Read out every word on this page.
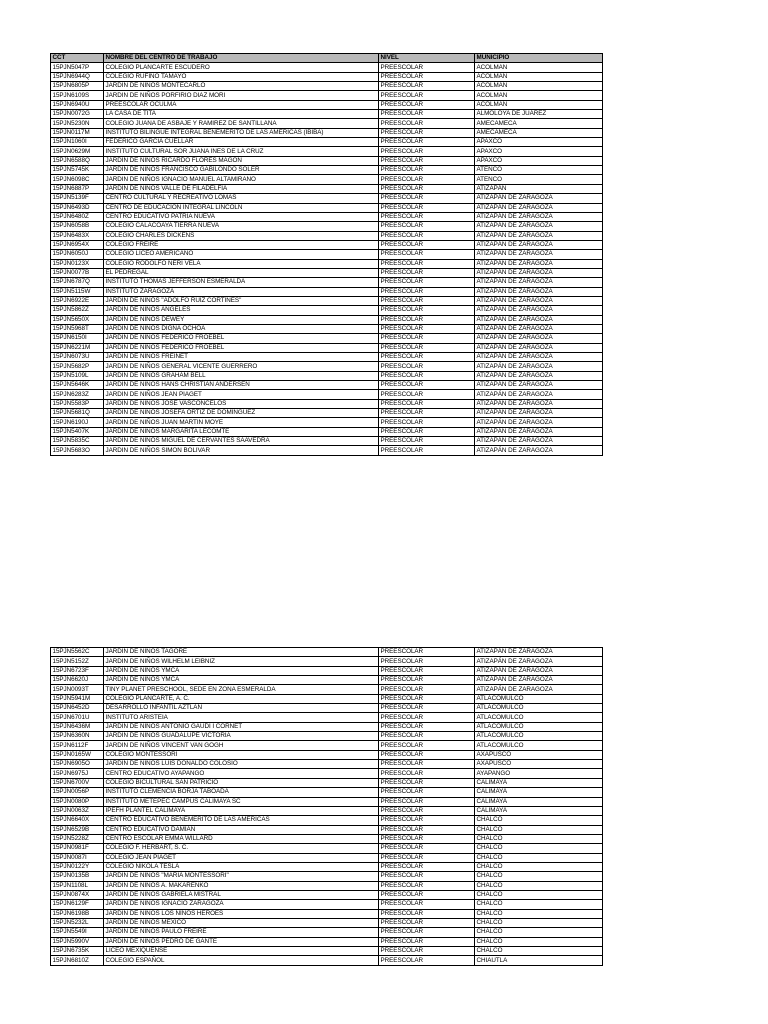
CCT	NOMBRE DEL CENTRO DE TRABAJO	NIVEL	MUNICIPIO
15PJN5047P	COLEGIO PLANCARTE ESCUDERO	PREESCOLAR	ACOLMAN
15PJN6944Q	COLEGIO RUFINO TAMAYO	PREESCOLAR	ACOLMAN
15PJN6805P	JARDIN DE NIÑOS MONTECARLO	PREESCOLAR	ACOLMAN
15PJN6109S	JARDIN DE NIÑOS PORFIRIO DIAZ MORI	PREESCOLAR	ACOLMAN
15PJN6940U	PREESCOLAR OCULMA	PREESCOLAR	ACOLMAN
15PJN0072G	LA CASA DE TITA	PREESCOLAR	ALMOLOYA DE JUÁREZ
15PJN5230N	COLEGIO JUANA DE ASBAJE Y RAMIREZ DE SANTILLANA	PREESCOLAR	AMECAMECA
15PJN0117M	INSTITUTO BILINGUE INTEGRAL BENEMERITO DE LAS AMERICAS (IBIBA)	PREESCOLAR	AMECAMECA
15PJN1060I	FEDERICO GARCIA CUELLAR	PREESCOLAR	APAXCO
15PJN0629M	INSTITUTO CULTURAL SOR JUANA INES DE LA CRUZ	PREESCOLAR	APAXCO
15PJN6588Q	JARDIN DE NIÑOS RICARDO FLORES MAGON	PREESCOLAR	APAXCO
15PJN5745K	JARDIN DE NIÑOS FRANCISCO GABILONDO SOLER	PREESCOLAR	ATENCO
15PJN6098C	JARDIN DE NIÑOS IGNACIO MANUEL ALTAMIRANO	PREESCOLAR	ATENCO
15PJN6887P	JARDIN DE NIÑOS VALLE DE FILADELFIA	PREESCOLAR	ATIZAPÁN
15PJN5139F	CENTRO CULTURAL Y RECREATIVO LOMAS	PREESCOLAR	ATIZAPÁN DE ZARAGOZA
15PJN6493D	CENTRO DE EDUCACION INTEGRAL LINCOLN	PREESCOLAR	ATIZAPÁN DE ZARAGOZA
15PJN6480Z	CENTRO EDUCATIVO PATRIA NUEVA	PREESCOLAR	ATIZAPÁN DE ZARAGOZA
15PJN6058B	COLEGIO CALACOAYA TIERRA NUEVA	PREESCOLAR	ATIZAPÁN DE ZARAGOZA
15PJN6483X	COLEGIO CHARLES DICKENS	PREESCOLAR	ATIZAPÁN DE ZARAGOZA
15PJN6954X	COLEGIO FREIRE	PREESCOLAR	ATIZAPÁN DE ZARAGOZA
15PJN6050J	COLEGIO LICEO AMERICANO	PREESCOLAR	ATIZAPÁN DE ZARAGOZA
15PJN0123X	COLEGIO RODOLFO NERI VELA	PREESCOLAR	ATIZAPÁN DE ZARAGOZA
15PJN0077B	EL PEDREGAL	PREESCOLAR	ATIZAPÁN DE ZARAGOZA
15PJN6787Q	INSTITUTO THOMAS JEFFERSON ESMERALDA	PREESCOLAR	ATIZAPÁN DE ZARAGOZA
15PJN5115W	INSTITUTO ZARAGOZA	PREESCOLAR	ATIZAPÁN DE ZARAGOZA
15PJN6922E	JARDIN DE NIÑOS "ADOLFO RUIZ CORTINES"	PREESCOLAR	ATIZAPÁN DE ZARAGOZA
15PJN5862Z	JARDIN DE NIÑOS ANGELES	PREESCOLAR	ATIZAPÁN DE ZARAGOZA
15PJN5650X	JARDIN DE NIÑOS DEWEY	PREESCOLAR	ATIZAPÁN DE ZARAGOZA
15PJN5968T	JARDIN DE NIÑOS DIGNA OCHOA	PREESCOLAR	ATIZAPÁN DE ZARAGOZA
15PJN6150I	JARDIN DE NIÑOS FEDERICO FROEBEL	PREESCOLAR	ATIZAPÁN DE ZARAGOZA
15PJN6221M	JARDIN DE NIÑOS FEDERICO FROEBEL	PREESCOLAR	ATIZAPÁN DE ZARAGOZA
15PJN6073U	JARDIN DE NIÑOS FREINET	PREESCOLAR	ATIZAPÁN DE ZARAGOZA
15PJN5682P	JARDIN DE NIÑOS GENERAL VICENTE GUERRERO	PREESCOLAR	ATIZAPÁN DE ZARAGOZA
15PJN5109L	JARDIN DE NIÑOS GRAHAM BELL	PREESCOLAR	ATIZAPÁN DE ZARAGOZA
15PJN5646K	JARDIN DE NIÑOS HANS CHRISTIAN ANDERSEN	PREESCOLAR	ATIZAPÁN DE ZARAGOZA
15PJN6283Z	JARDIN DE NIÑOS JEAN PIAGET	PREESCOLAR	ATIZAPÁN DE ZARAGOZA
15PJN5583P	JARDIN DE NIÑOS JOSE VASCONCELOS	PREESCOLAR	ATIZAPÁN DE ZARAGOZA
15PJN5681Q	JARDIN DE NIÑOS JOSEFA ORTIZ DE DOMINGUEZ	PREESCOLAR	ATIZAPÁN DE ZARAGOZA
15PJN6190J	JARDIN DE NIÑOS JUAN MARTIN MOYE	PREESCOLAR	ATIZAPÁN DE ZARAGOZA
15PJN5407K	JARDIN DE NIÑOS MARGARITA LECOMTE	PREESCOLAR	ATIZAPÁN DE ZARAGOZA
15PJN5835C	JARDIN DE NIÑOS MIGUEL DE CERVANTES SAAVEDRA	PREESCOLAR	ATIZAPÁN DE ZARAGOZA
15PJN5683O	JARDIN DE NIÑOS SIMON BOLIVAR	PREESCOLAR	ATIZAPÁN DE ZARAGOZA
15PJN5562C	JARDIN DE NIÑOS TAGORE	PREESCOLAR	ATIZAPÁN DE ZARAGOZA
15PJN5152Z	JARDIN DE NIÑOS WILHELM LEIBNIZ	PREESCOLAR	ATIZAPÁN DE ZARAGOZA
15PJN6723F	JARDIN DE NIÑOS YMCA	PREESCOLAR	ATIZAPÁN DE ZARAGOZA
15PJN6620J	JARDIN DE NIÑOS YMCA	PREESCOLAR	ATIZAPÁN DE ZARAGOZA
15PJN0093T	TINY PLANET PRESCHOOL, SEDE EN ZONA ESMERALDA	PREESCOLAR	ATIZAPÁN DE ZARAGOZA
15PJN5941M	COLEGIO PLANCARTE, A. C.	PREESCOLAR	ATLACOMULCO
15PJN6452D	DESARROLLO INFANTIL AZTLAN	PREESCOLAR	ATLACOMULCO
15PJN6701U	INSTITUTO ARISTEIA	PREESCOLAR	ATLACOMULCO
15PJN6436M	JARDIN DE NIÑOS ANTONIO GAUDI I CORNET	PREESCOLAR	ATLACOMULCO
15PJN6360N	JARDIN DE NIÑOS GUADALUPE VICTORIA	PREESCOLAR	ATLACOMULCO
15PJN6112F	JARDIN DE NIÑOS VINCENT VAN GOGH	PREESCOLAR	ATLACOMULCO
15PJN0165W	COLEGIO MONTESSORI	PREESCOLAR	AXAPUSCO
15PJN6905O	JARDIN DE NIÑOS LUIS DONALDO COLOSIO	PREESCOLAR	AXAPUSCO
15PJN6975J	CENTRO EDUCATIVO AYAPANGO	PREESCOLAR	AYAPANGO
15PJN6700V	COLEGIO BICULTURAL SAN PATRICIO	PREESCOLAR	CALIMAYA
15PJN0056P	INSTITUTO CLEMENCIA BORJA TABOADA	PREESCOLAR	CALIMAYA
15PJN0080P	INSTITUTO METEPEC CAMPUS CALIMAYA SC	PREESCOLAR	CALIMAYA
15PJN0063Z	IPEFH PLANTEL CALIMAYA	PREESCOLAR	CALIMAYA
15PJN6640X	CENTRO EDUCATIVO BENEMERITO DE LAS AMERICAS	PREESCOLAR	CHALCO
15PJN6529B	CENTRO EDUCATIVO DAMIAN	PREESCOLAR	CHALCO
15PJN5228Z	CENTRO ESCOLAR EMMA WILLARD	PREESCOLAR	CHALCO
15PJN0981F	COLEGIO F. HERBART, S. C.	PREESCOLAR	CHALCO
15PJN0087I	COLEGIO JEAN PIAGET	PREESCOLAR	CHALCO
15PJN0122Y	COLEGIO NIKOLA TESLA	PREESCOLAR	CHALCO
15PJN0135B	JARDIN DE NIÑOS "MARIA MONTESSORI"	PREESCOLAR	CHALCO
15PJN1108L	JARDIN DE NIÑOS A. MAKARENKO	PREESCOLAR	CHALCO
15PJN0874X	JARDIN DE NIÑOS GABRIELA MISTRAL	PREESCOLAR	CHALCO
15PJN6129F	JARDIN DE NIÑOS IGNACIO ZARAGOZA	PREESCOLAR	CHALCO
15PJN6198B	JARDIN DE NIÑOS LOS NIÑOS HEROES	PREESCOLAR	CHALCO
15PJN5232L	JARDIN DE NIÑOS MEXICO	PREESCOLAR	CHALCO
15PJN5549I	JARDIN DE NIÑOS PAULO FREIRE	PREESCOLAR	CHALCO
15PJN5990V	JARDIN DE NIÑOS PEDRO DE GANTE	PREESCOLAR	CHALCO
15PJN6735K	LICEO MEXIQUENSE	PREESCOLAR	CHALCO
15PJN6810Z	COLEGIO ESPAÑOL	PREESCOLAR	CHIAUTLA
